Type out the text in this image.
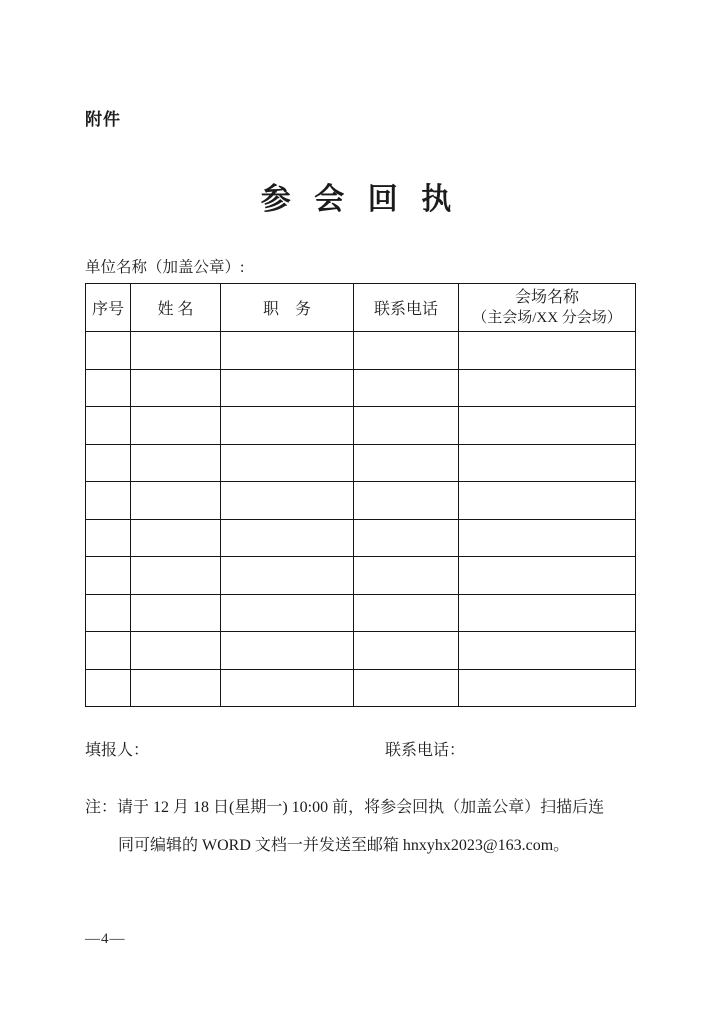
附件
参 会 回 执
单位名称（加盖公章）:
序号	姓 名	职　务	联系电话	会场名称
（主会场/XX 分会场）

填报人：	联系电话：
注：请于 12 月 18 日(星期一) 10:00 前，将参会回执（加盖公章）扫描后连
同可编辑的 WORD 文档一并发送至邮箱 hnxyhx2023@163.com。
—4—
